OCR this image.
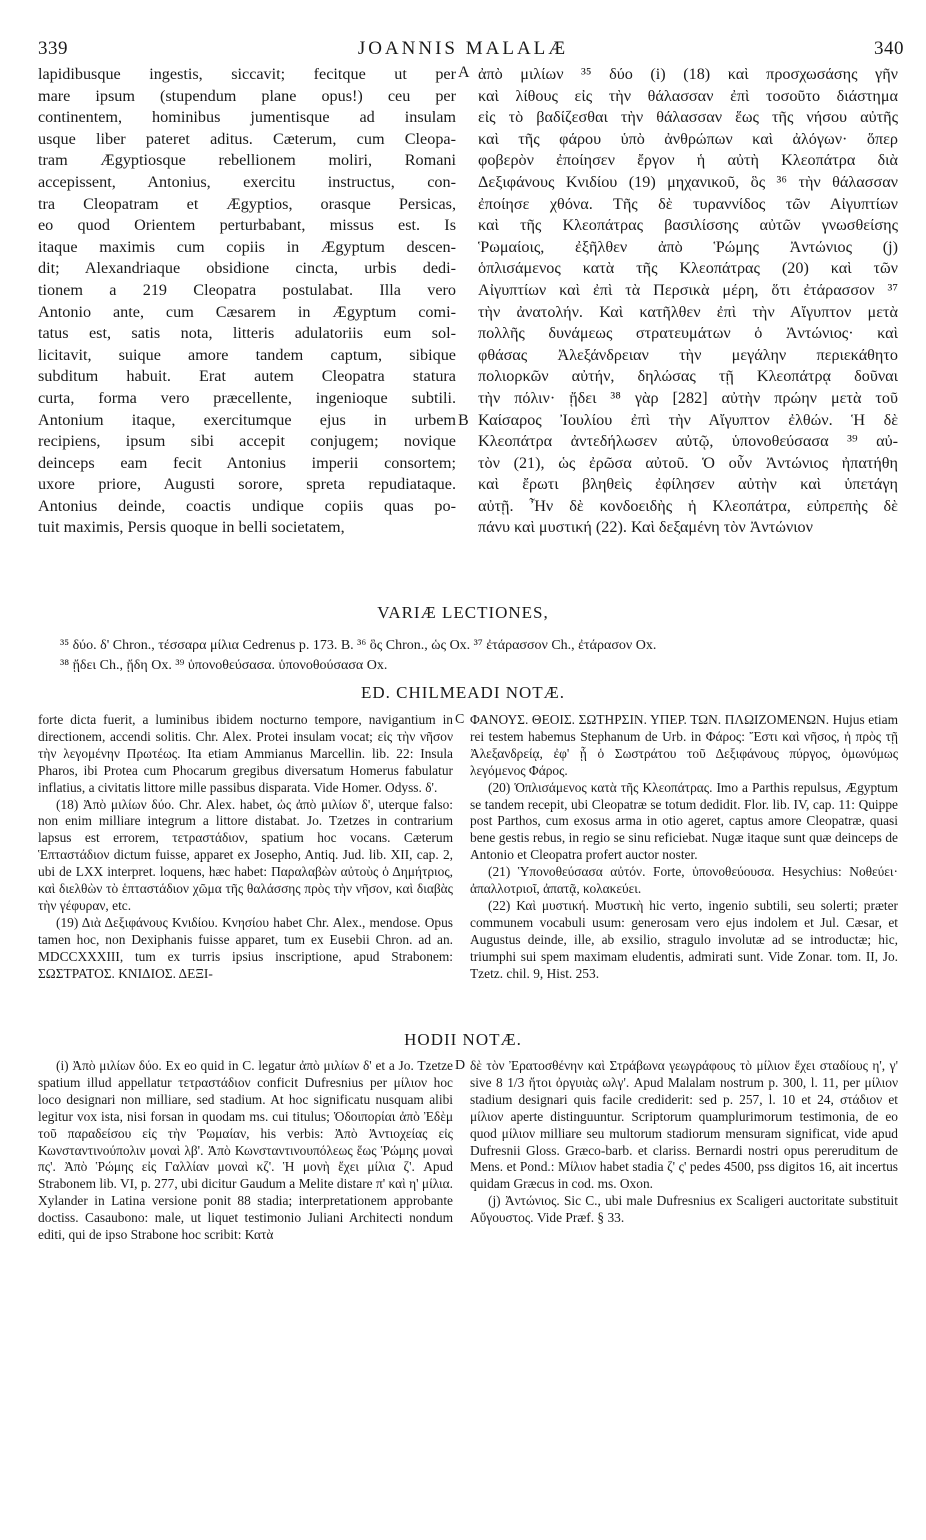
339	JOANNIS MALALÆ	340
lapidibusque ingestis, siccavit; fecitque ut per
mare ipsum (stupendum plane opus!) ceu per
continentem, hominibus jumentisque ad insulam
usque liber pateret aditus. Cæterum, cum Cleopa-
tram Ægyptiosque rebellionem moliri, Romani
accepissent, Antonius, exercitu instructus, con-
tra Cleopatram et Ægyptios, orasque Persicas,
eo quod Orientem perturbabant, missus est. Is
itaque maximis cum copiis in Ægyptum descen-
dit; Alexandriaque obsidione cincta, urbis dedi-
tionem a 219 Cleopatra postulabat. Illa vero
Antonio ante, cum Cæsarem in Ægyptum comi-
tatus est, satis nota, litteris adulatoriis eum sol-
licitavit, suique amore tandem captum, sibique
subditum habuit. Erat autem Cleopatra statura
curta, forma vero præcellente, ingenioque subtili.
Antonium itaque, exercitumque ejus in urbem
recipiens, ipsum sibi accepit conjugem; novique
deinceps eam fecit Antonius imperii consortem;
uxore priore, Augusti sorore, spreta repudiataque.
Antonius deinde, coactis undique copiis quas po-
tuit maximis, Persis quoque in belli societatem,
A
B
ἀπὸ μιλίων ³⁵ δύο (i) (18) καὶ προσχωσάσης γῆν
καὶ λίθους εἰς τὴν θάλασσαν ἐπὶ τοσοῦτο διάστημα
εἰς τὸ βαδίζεσθαι τὴν θάλασσαν ἕως τῆς νήσου αὐτῆς
καὶ τῆς φάρου ὑπὸ ἀνθρώπων καὶ ἀλόγων· ὅπερ
φοβερὸν ἐποίησεν ἔργον ἡ αὐτὴ Κλεοπάτρα διὰ
Δεξιφάνους Κνιδίου (19) μηχανικοῦ, ὃς ³⁶ τὴν θάλασσαν
ἐποίησε χθόνα. Τῆς δὲ τυραννίδος τῶν Αἰγυπτίων
καὶ τῆς Κλεοπάτρας βασιλίσσης αὐτῶν γνωσθείσης
Ῥωμαίοις, ἐξῆλθεν ἀπὸ Ῥώμης Ἀντώνιος (j)
ὁπλισάμενος κατὰ τῆς Κλεοπάτρας (20) καὶ τῶν
Αἰγυπτίων καὶ ἐπὶ τὰ Περσικὰ μέρη, ὅτι ἐτάρασσον ³⁷
τὴν ἀνατολήν. Καὶ κατῆλθεν ἐπὶ τὴν Αἴγυπτον μετὰ
πολλῆς δυνάμεως στρατευμάτων ὁ Ἀντώνιος· καὶ
φθάσας Ἀλεξάνδρειαν τὴν μεγάλην περιεκάθητο
πολιορκῶν αὐτήν, δηλώσας τῇ Κλεοπάτρᾳ δοῦναι
τὴν πόλιν· ᾔδει ³⁸ γὰρ [282] αὐτὴν πρώην μετὰ τοῦ
Καίσαρος Ἰουλίου ἐπὶ τὴν Αἴγυπτον ἐλθών. Ἡ δὲ
Κλεοπάτρα ἀντεδήλωσεν αὐτῷ, ὑπονοθεύσασα ³⁹ αὐ-
τὸν (21), ὡς ἐρῶσα αὐτοῦ. Ὁ οὖν Ἀντώνιος ἠπατήθη
καὶ ἔρωτι βληθεὶς ἐφίλησεν αὐτὴν καὶ ὑπετάγη
αὐτῇ. Ἦν δὲ κονδοειδὴς ἡ Κλεοπάτρα, εὐπρεπὴς δὲ
πάνυ καὶ μυστική (22). Καὶ δεξαμένη τὸν Ἀντώνιον
VARIÆ LECTIONES,

³⁵ δύο. δ' Chron., τέσσαρα μίλια Cedrenus p. 173. B. ³⁶ ὃς Chron., ὡς Ox. ³⁷ ἐτάρασσον Ch., ἐτάρασον Ox.

³⁸ ᾔδει Ch., ᾔδη Ox. ³⁹ ὑπονοθεύσασα. ὑπονοθούσασα Ox.

ED. CHILMEADI NOTÆ.

forte dicta fuerit, a luminibus ibidem nocturno tempore, navigantium in directionem, accendi solitis. Chr. Alex. Protei insulam vocat; εἰς τὴν νῆσον τὴν λεγομένην Πρωτέως. Ita etiam Ammianus Marcellin. lib. 22: Insula Pharos, ibi Protea cum Phocarum gregibus diversatum Homerus fabulatur inflatius, a civitatis littore mille passibus disparata. Vide Homer. Odyss. δ'.

(18) Ἀπὸ μιλίων δύο. Chr. Alex. habet, ὡς ἀπὸ μιλίων δ', uterque falso: non enim milliare integrum a littore distabat. Jo. Tzetzes in contrarium lapsus est errorem, τετραστάδιον, spatium hoc vocans. Cæterum Ἑπταστάδιον dictum fuisse, apparet ex Josepho, Antiq. Jud. lib. XII, cap. 2, ubi de LXX interpret. loquens, hæc habet: Παραλαβὼν αὐτοὺς ὁ Δημήτριος, καὶ διελθὼν τὸ ἑπταστάδιον χῶμα τῆς θαλάσσης πρὸς τὴν νῆσον, καὶ διαβὰς τὴν γέφυραν, etc.

(19) Διὰ Δεξιφάνους Κνιδίου. Κνησίου habet Chr. Alex., mendose. Opus tamen hoc, non Dexiphanis fuisse apparet, tum ex Eusebii Chron. ad an. MDCCXXXIII, tum ex turris ipsius inscriptione, apud Strabonem: ΣΩΣΤΡΑΤΟΣ. ΚΝΙΔΙΟΣ. ΔΕΞΙ-

C ΦΑΝΟΥΣ. ΘΕΟΙΣ. ΣΩΤΗΡΣΙΝ. ΥΠΕΡ. ΤΩΝ. ΠΛΩΙΖΟΜΕΝΩΝ. Hujus etiam rei testem habemus Stephanum de Urb. in Φάρος: Ἔστι καὶ νῆσος, ἡ πρὸς τῇ Ἀλεξανδρείᾳ, ἐφ' ᾗ ὁ Σωστράτου τοῦ Δεξιφάνους πύργος, ὁμωνύμως λεγόμενος Φάρος.

(20) Ὁπλισάμενος κατὰ τῆς Κλεοπάτρας. Imo a Parthis repulsus, Ægyptum se tandem recepit, ubi Cleopatræ se totum dedidit. Flor. lib. IV, cap. 11: Quippe post Parthos, cum exosus arma in otio ageret, captus amore Cleopatræ, quasi bene gestis rebus, in regio se sinu reficiebat. Nugæ itaque sunt quæ deinceps de Antonio et Cleopatra profert auctor noster.

(21) Ὑπονοθεύσασα αὐτόν. Forte, ὑπονοθεύουσα. Hesychius: Νοθεύει· ἀπαλλοτριοῖ, ἀπατᾷ, κολακεύει.

(22) Καὶ μυστική. Μυστικὴ hic verto, ingenio subtili, seu solerti; præter communem vocabuli usum: generosam vero ejus indolem et Jul. Cæsar, et Augustus deinde, ille, ab exsilio, stragulo involutæ ad se introductæ; hic, triumphi sui spem maximam eludentis, admirati sunt. Vide Zonar. tom. II, Jo. Tzetz. chil. 9, Hist. 253.

HODII NOTÆ.

(i) Ἀπὸ μιλίων δύο. Ex eo quid in C. legatur ἀπὸ μιλίων δ' et a Jo. Tzetze spatium illud appellatur τετραστάδιον conficit Dufresnius per μίλιον hoc loco designari non milliare, sed stadium. At hoc significatu nusquam alibi legitur vox ista, nisi forsan in quodam ms. cui titulus; Ὁδοιπορίαι ἀπὸ Ἐδὲμ τοῦ παραδείσου εἰς τὴν Ῥωμαίαν, his verbis: Ἀπὸ Ἀντιοχείας εἰς Κωνσταντινούπολιν μοναὶ λβ'. Ἀπὸ Κωνσταντινουπόλεως ἕως Ῥώμης μοναὶ πς'. Ἀπὸ Ῥώμης εἰς Γαλλίαν μοναὶ κζ'. Ἡ μονὴ ἔχει μίλια ζ'. Apud Strabonem lib. VI, p. 277, ubi dicitur Gaudum a Melite distare π' καὶ η' μίλια. Xylander in Latina versione ponit 88 stadia; interpretationem approbante doctiss. Casaubono: male, ut liquet testimonio Juliani Architecti nondum editi, qui de ipso Strabone hoc scribit: Κατὰ

D δὲ τὸν Ἐρατοσθένην καὶ Στράβωνα γεωγράφους τὸ μίλιον ἔχει σταδίους η', γ' sive 8 1/3 ἤτοι ὀργυιὰς ωλγ'. Apud Malalam nostrum p. 300, l. 11, per μίλιον stadium designari quis facile crediderit: sed p. 257, l. 10 et 24, στάδιον et μίλιον aperte distinguuntur. Scriptorum quamplurimorum testimonia, de eo quod μίλιον milliare seu multorum stadiorum mensuram significat, vide apud Dufresnii Gloss. Græco-barb. et clariss. Bernardi nostri opus pereruditum de Mens. et Pond.: Μίλιον habet stadia ζ' ς' pedes 4500, pss digitos 16, ait incertus quidam Græcus in cod. ms. Oxon.

(j) Ἀντώνιος. Sic C., ubi male Dufresnius ex Scaligeri auctoritate substituit Αὔγουστος. Vide Præf. § 33.
